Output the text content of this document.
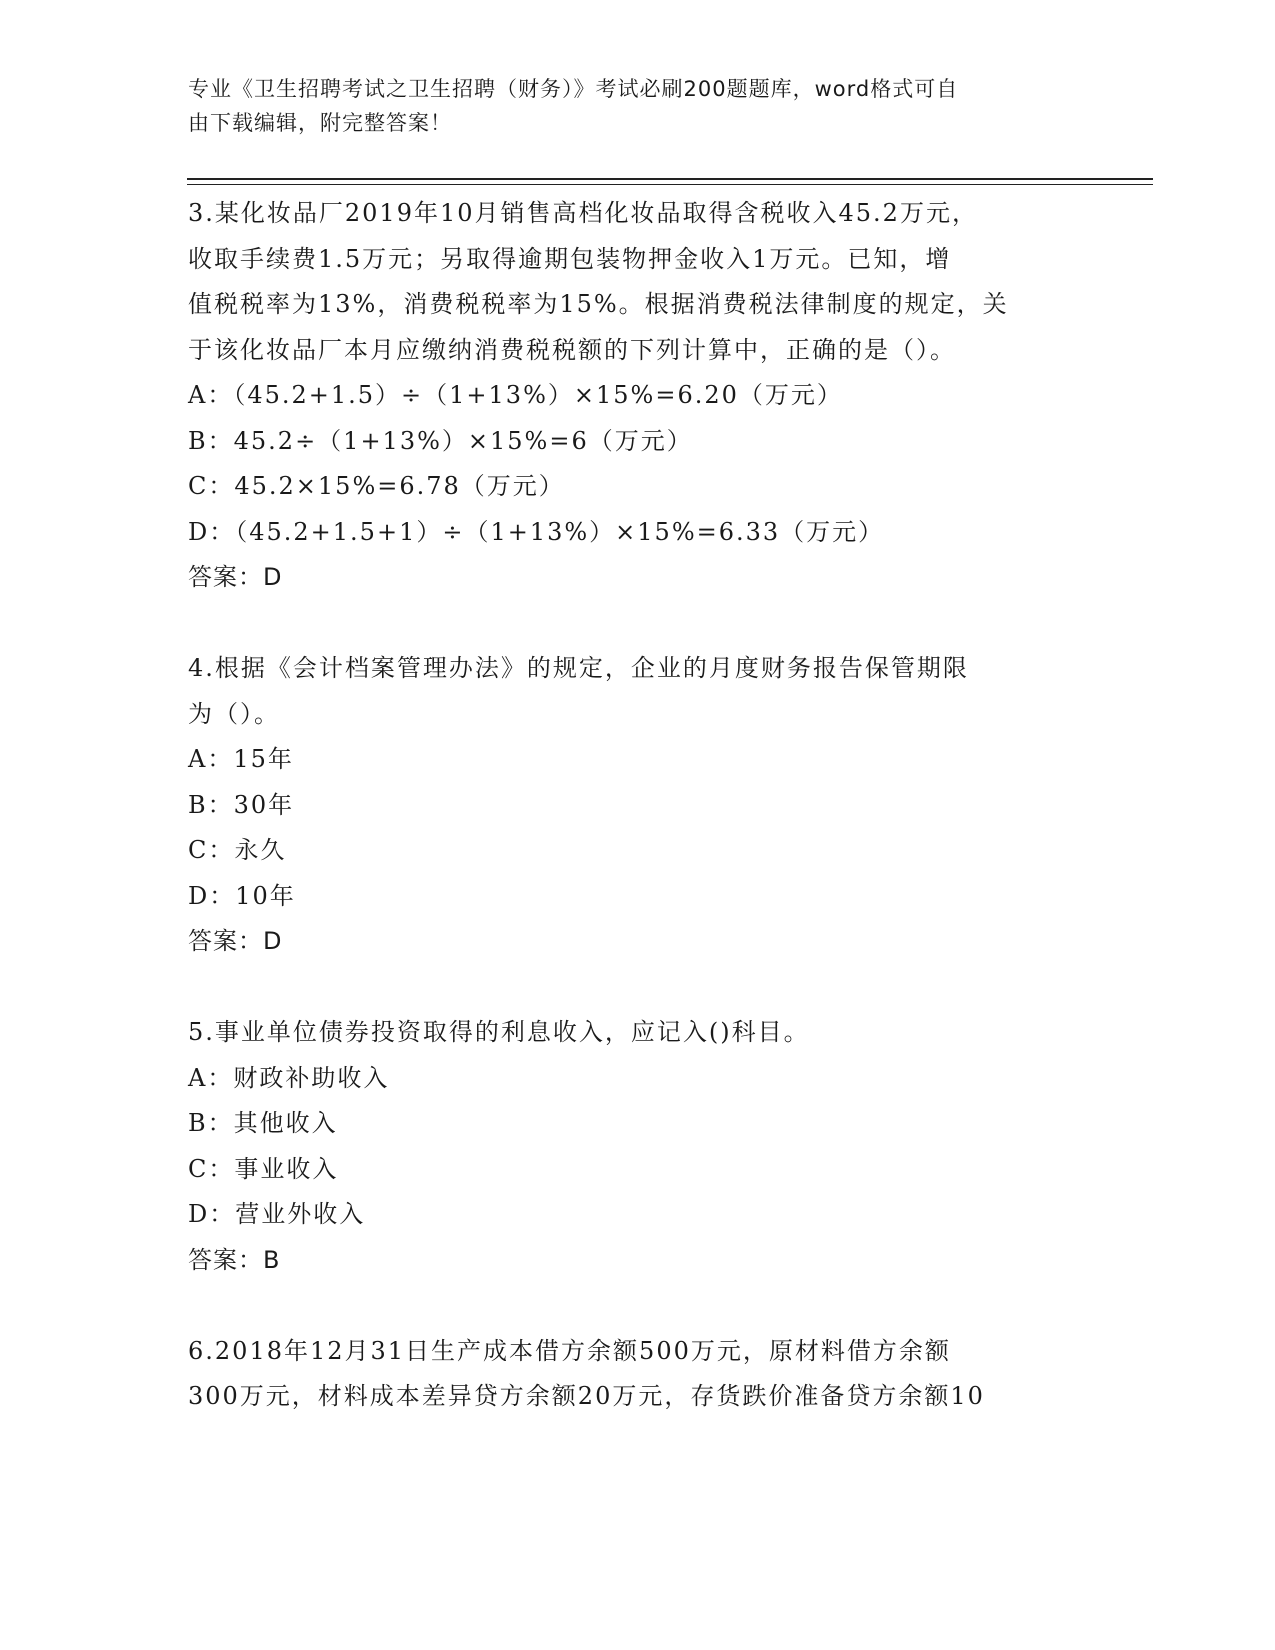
专业《卫生招聘考试之卫生招聘（财务）》考试必刷200题题库，word格式可自
由下载编辑，附完整答案！
3.某化妆品厂2019年10月销售高档化妆品取得含税收入45.2万元，
收取手续费1.5万元；另取得逾期包装物押金收入1万元。已知，增
值税税率为13%，消费税税率为15%。根据消费税法律制度的规定，关
于该化妆品厂本月应缴纳消费税税额的下列计算中，正确的是（）。
A：（45.2+1.5）÷（1+13%）×15%=6.20（万元）
B：45.2÷（1+13%）×15%=6（万元）
C：45.2×15%=6.78（万元）
D：（45.2+1.5+1）÷（1+13%）×15%=6.33（万元）
答案：D
4.根据《会计档案管理办法》的规定，企业的月度财务报告保管期限
为（）。
A：15年
B：30年
C：永久
D：10年
答案：D
5.事业单位债券投资取得的利息收入，应记入()科目。
A：财政补助收入
B：其他收入
C：事业收入
D：营业外收入
答案：B
6.2018年12月31日生产成本借方余额500万元，原材料借方余额
300万元，材料成本差异贷方余额20万元，存货跌价准备贷方余额10
